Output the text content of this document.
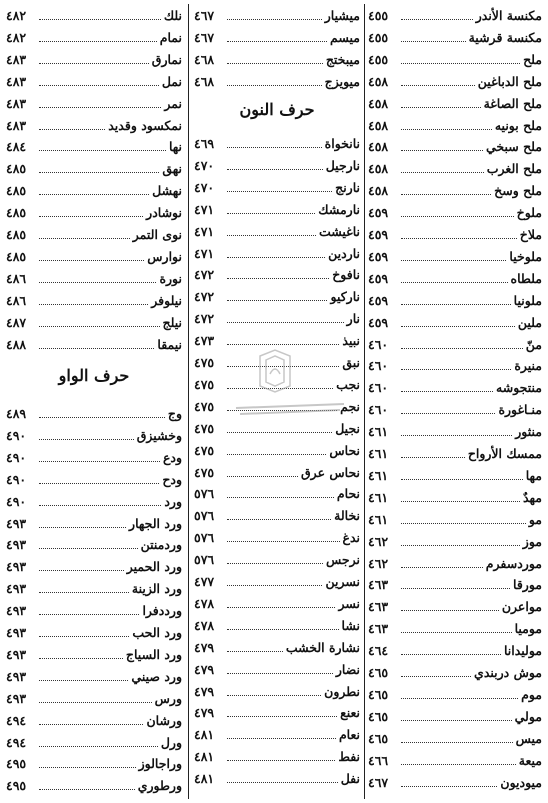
٤٥٥	مكنسة الأندر
٤٥٥	مكنسة قرشية
٤٥٥	ملح
٤٥٨	ملح الدباغين
٤٥٨	ملح الصاغة
٤٥٨	ملح بونيه
٤٥٨	ملح سبخي
٤٥٨	ملح الغرب
٤٥٨	ملح وسخ
٤٥٩	ملوخ
٤٥٩	ملاخ
٤٥٩	ملوخيا
٤٥٩	ملطاه
٤٥٩	ملونيا
٤٥٩	ملين
٤٦٠	منّ
٤٦٠	منيرة
٤٦٠	منتجوشه
٤٦٠	منـاغورة
٤٦١	منثور
٤٦١	ممسك الأرواح
٤٦١	مها
٤٦١	مهدٌ
٤٦١	مو
٤٦٢	موز
٤٦٢	موردسفرم
٤٦٣	مورقا
٤٦٣	مواعرن
٤٦٣	موميا
٤٦٤	موليدانا
٤٦٥	موش دربندي
٤٦٥	موم
٤٦٥	مولي
٤٦٥	ميس
٤٦٦	ميعة
٤٦٧	ميوديون
حرف النون
٤٦٧	ميشيار
٤٦٧	ميسم
٤٦٨	ميبختج
٤٦٨	ميويزج
٤٦٩	نانخواة
٤٧٠	نارجيل
٤٧٠	نارنج
٤٧١	نارمشك
٤٧١	ناغيشت
٤٧١	ناردين
٤٧٢	نافوخ
٤٧٢	ناركيو
٤٧٢	نار
٤٧٣	نبيذ
٤٧٥	نبق
٤٧٥	نجب
٤٧٥	نجم
٤٧٥	نجيل
٤٧٥	نحاس
٤٧٥	نحاس عرق
٥٧٦	نحام
٥٧٦	نخالة
٥٧٦	ندغ
٥٧٦	نرجس
٤٧٧	نسرين
٤٧٨	نسر
٤٧٨	نشا
٤٧٩	نشارة الخشب
٤٧٩	نضار
٤٧٩	نطرون
٤٧٩	نعنع
٤٨١	نعام
٤٨١	نفط
٤٨١	نفل
حرف الواو
٤٨٢	نلك
٤٨٢	نمام
٤٨٣	نمارق
٤٨٣	نمل
٤٨٣	نمر
٤٨٣	نمكسود وقديد
٤٨٤	نها
٤٨٥	نهق
٤٨٥	نهشل
٤٨٥	نوشادر
٤٨٥	نوى التمر
٤٨٥	نوارس
٤٨٦	نورة
٤٨٦	نيلوفر
٤٨٧	نيلج
٤٨٨	نيمقا
٤٨٩	وج
٤٩٠	وخشيزق
٤٩٠	ودع
٤٩٠	ودح
٤٩٠	ورد
٤٩٣	ورد الجهار
٤٩٣	وردمنتن
٤٩٣	ورد الحمير
٤٩٣	ورد الزينة
٤٩٣	ورددفرا
٤٩٣	ورد الحب
٤٩٣	ورد السياج
٤٩٣	ورد صيني
٤٩٣	ورس
٤٩٤	ورشان
٤٩٤	ورل
٤٩٥	وراجالوز
٤٩٥	ورطوري
